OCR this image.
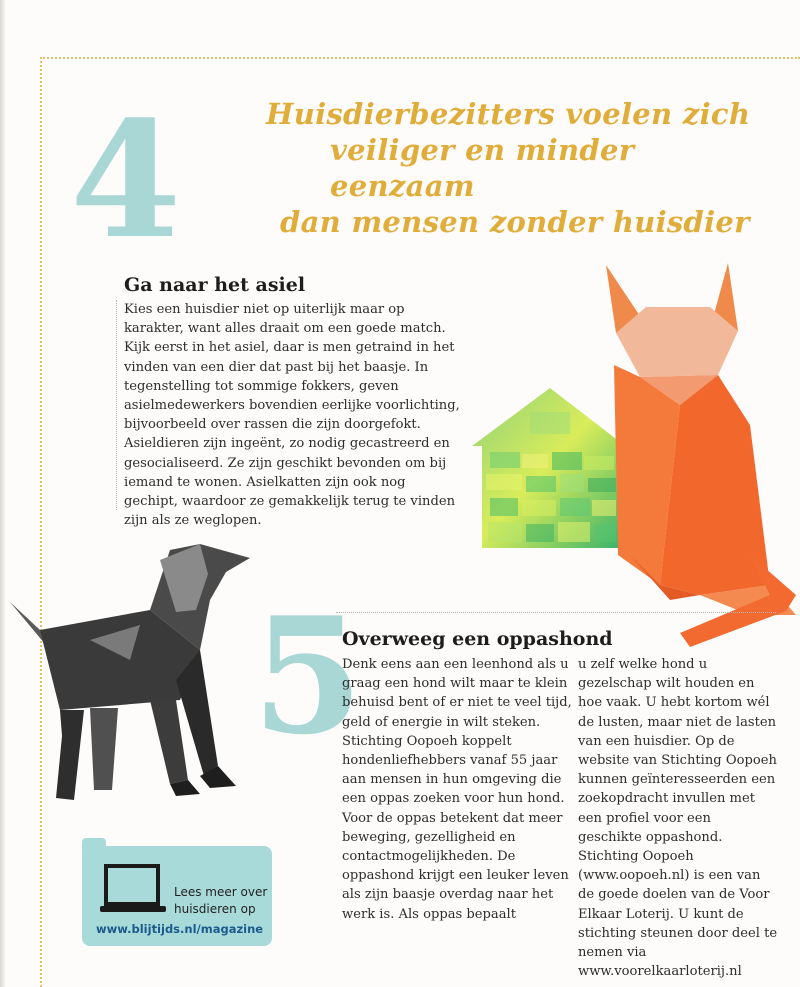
Huisdierbezitters voelen zich
veiliger en minder eenzaam
dan mensen zonder huisdier
4
Ga naar het asiel

Kies een huisdier niet op uiterlijk maar op karakter, want alles draait om een goede match. Kijk eerst in het asiel, daar is men getraind in het vinden van een dier dat past bij het baasje. In tegenstelling tot sommige fokkers, geven asielmedewerkers bovendien eerlijke voorlichting, bijvoorbeeld over rassen die zijn doorgefokt. Asieldieren zijn ingeënt, zo nodig gecastreerd en gesocialiseerd. Ze zijn geschikt bevonden om bij iemand te wonen. Asielkatten zijn ook nog gechipt, waardoor ze gemakkelijk terug te vinden zijn als ze weglopen.

5
Overweeg een oppashond

Denk eens aan een leenhond als u graag een hond wilt maar te klein behuisd bent of er niet te veel tijd, geld of energie in wilt steken. Stichting Oopoeh koppelt hondenliefhebbers vanaf 55 jaar aan mensen in hun omgeving die een oppas zoeken voor hun hond. Voor de oppas betekent dat meer beweging, gezelligheid en contactmogelijkheden. De oppashond krijgt een leuker leven als zijn baasje overdag naar het werk is. Als oppas bepaalt

u zelf welke hond u gezelschap wilt houden en hoe vaak. U hebt kortom wél de lusten, maar niet de lasten van een huisdier. Op de website van Stichting Oopoeh kunnen geïnteresseerden een zoekopdracht invullen met een profiel voor een geschikte oppashond. Stichting Oopoeh (www.oopoeh.nl) is een van de goede doelen van de Voor Elkaar Loterij. U kunt de stichting steunen door deel te nemen via www.voorelkaarloterij.nl

Lees meer over huisdieren op

www.blijtijds.nl/magazine
